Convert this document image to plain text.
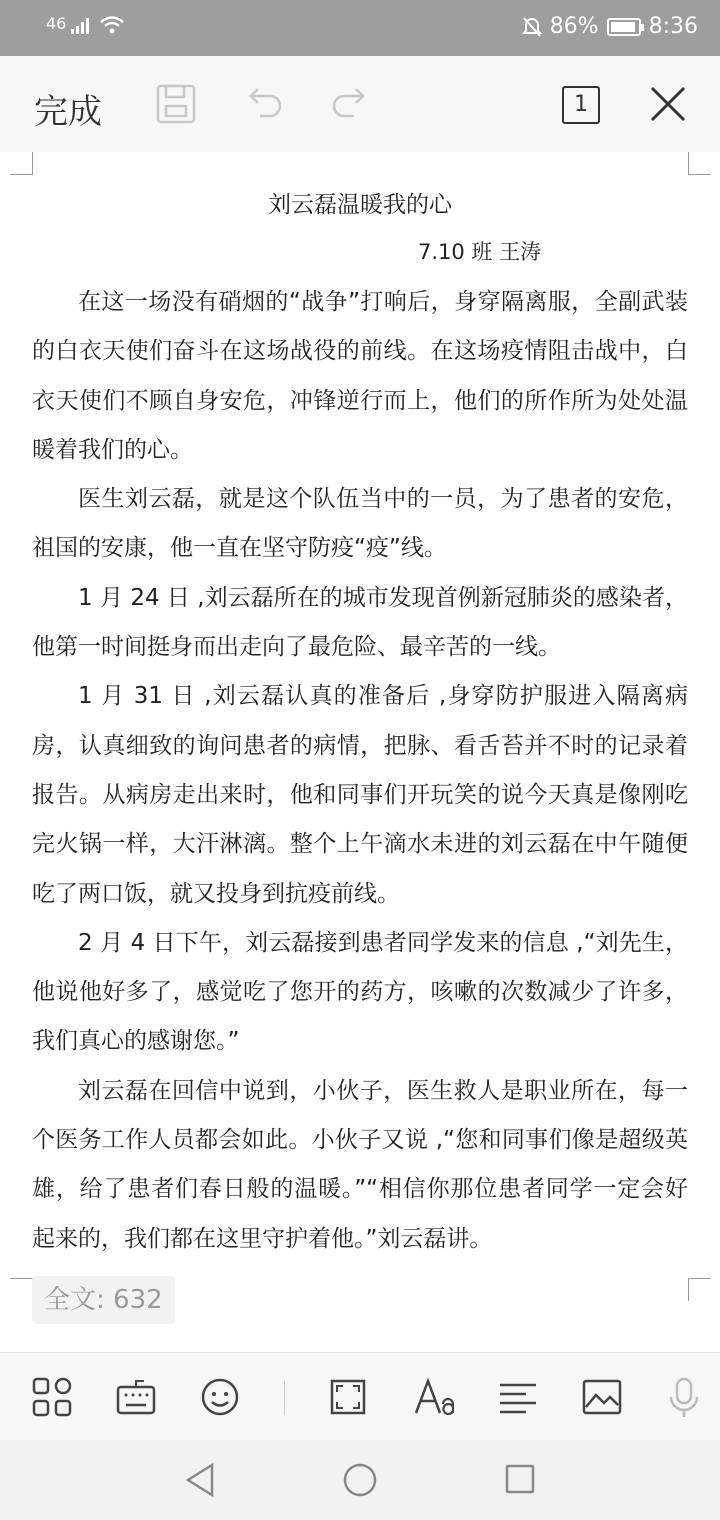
46	86% 8:36
完成	1
刘云磊温暖我的心
7.10 班 王涛

在这一场没有硝烟的“战争”打响后，身穿隔离服，全副武装的白衣天使们奋斗在这场战役的前线。在这场疫情阻击战中，白衣天使们不顾自身安危，冲锋逆行而上，他们的所作所为处处温暖着我们的心。

医生刘云磊，就是这个队伍当中的一员，为了患者的安危，祖国的安康，他一直在坚守防疫“疫”线。

1 月 24 日 ,刘云磊所在的城市发现首例新冠肺炎的感染者，他第一时间挺身而出走向了最危险、最辛苦的一线。

1 月 31 日 ,刘云磊认真的准备后 ,身穿防护服进入隔离病房，认真细致的询问患者的病情，把脉、看舌苔并不时的记录着报告。从病房走出来时，他和同事们开玩笑的说今天真是像刚吃完火锅一样，大汗淋漓。整个上午滴水未进的刘云磊在中午随便吃了两口饭，就又投身到抗疫前线。

2 月 4 日下午，刘云磊接到患者同学发来的信息 ,“刘先生，他说他好多了，感觉吃了您开的药方，咳嗽的次数减少了许多，我们真心的感谢您。”

刘云磊在回信中说到，小伙子，医生救人是职业所在，每一个医务工作人员都会如此。小伙子又说 ,“您和同事们像是超级英雄，给了患者们春日般的温暖。”“相信你那位患者同学一定会好起来的，我们都在这里守护着他。”刘云磊讲。

全文: 632
